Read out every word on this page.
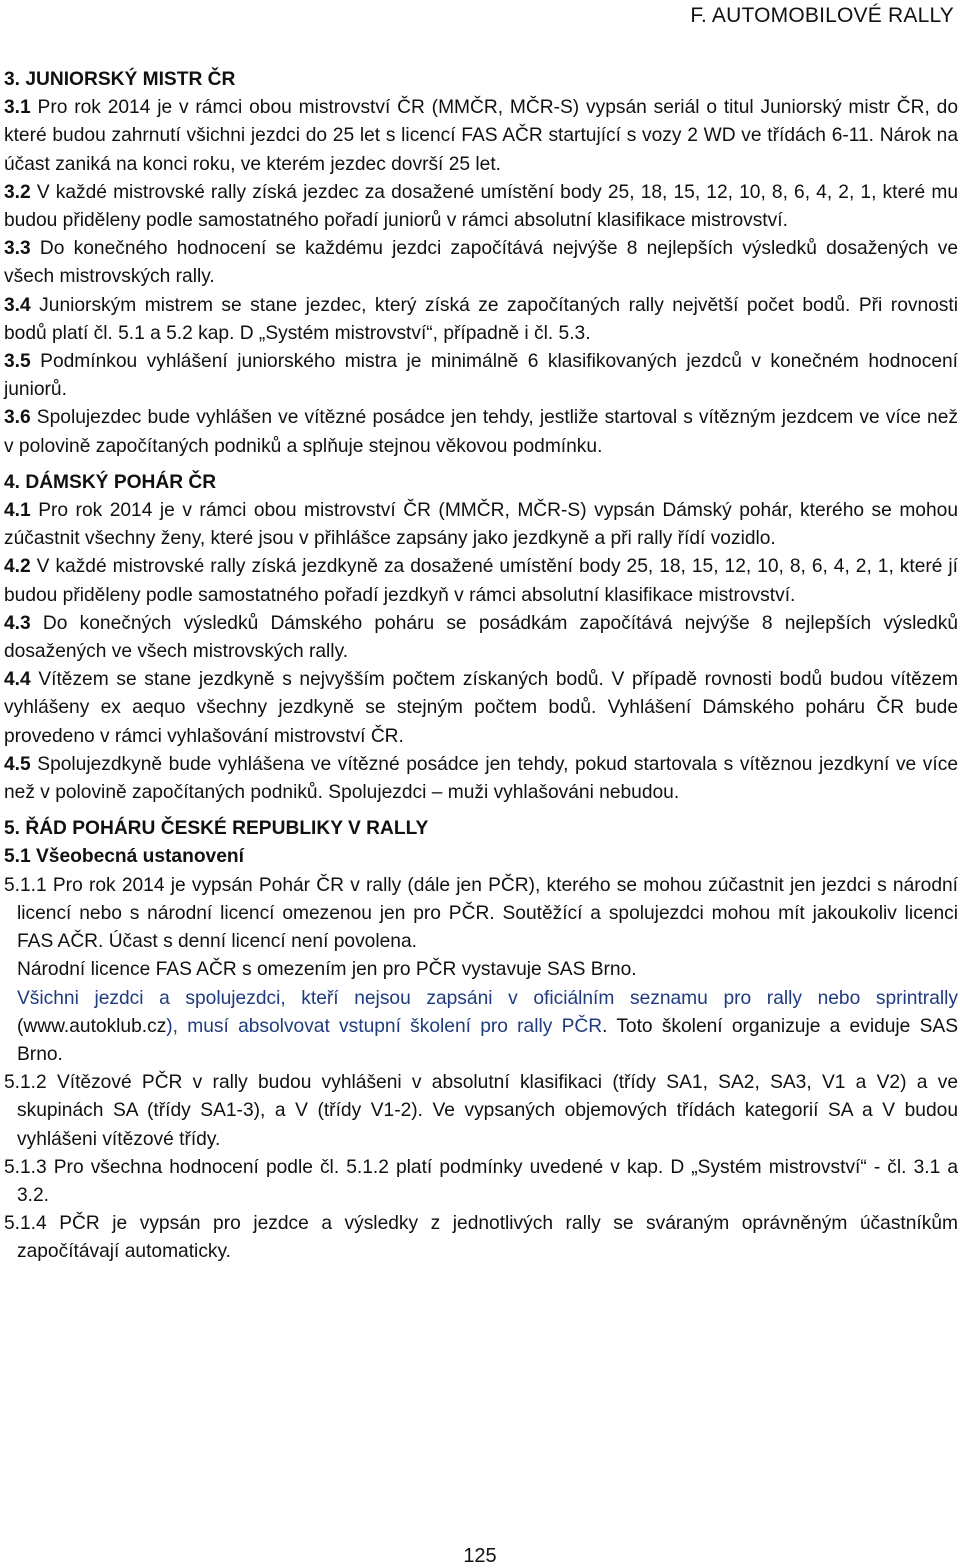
F. AUTOMOBILOVÉ RALLY
3. JUNIORSKÝ MISTR ČR
3.1 Pro rok 2014 je v rámci obou mistrovství ČR (MMČR, MČR-S) vypsán seriál o titul Juniorský mistr ČR, do které budou zahrnutí všichni jezdci do 25 let s licencí FAS AČR startující s vozy 2 WD ve třídách 6-11. Nárok na účast zaniká na konci roku, ve kterém jezdec dovrší 25 let.
3.2 V každé mistrovské rally získá jezdec za dosažené umístění body 25, 18, 15, 12, 10, 8, 6, 4, 2, 1, které mu budou přiděleny podle samostatného pořadí juniorů v rámci absolutní klasifikace mistrovství.
3.3 Do konečného hodnocení se každému jezdci započítává nejvýše 8 nejlepších výsledků dosažených ve všech mistrovských rally.
3.4 Juniorským mistrem se stane jezdec, který získá ze započítaných rally největší počet bodů. Při rovnosti bodů platí čl. 5.1 a 5.2 kap. D „Systém mistrovství“, případně i čl. 5.3.
3.5 Podmínkou vyhlášení juniorského mistra je minimálně 6 klasifikovaných jezdců v konečném hodnocení juniorů.
3.6 Spolujezdec bude vyhlášen ve vítězné posádce jen tehdy, jestliže startoval s vítězným jezdcem ve více než v polovině započítaných podniků a splňuje stejnou věkovou podmínku.
4. DÁMSKÝ POHÁR ČR
4.1 Pro rok 2014 je v rámci obou mistrovství ČR (MMČR, MČR-S) vypsán Dámský pohár, kterého se mohou zúčastnit všechny ženy, které jsou v přihlášce zapsány jako jezdkyně a při rally řídí vozidlo.
4.2 V každé mistrovské rally získá jezdkyně za dosažené umístění body 25, 18, 15, 12, 10, 8, 6, 4, 2, 1, které jí budou přiděleny podle samostatného pořadí jezdkyň v rámci absolutní klasifikace mistrovství.
4.3 Do konečných výsledků Dámského poháru se posádkám započítává nejvýše 8 nejlepších výsledků dosažených ve všech mistrovských rally.
4.4 Vítězem se stane jezdkyně s nejvyšším počtem získaných bodů. V případě rovnosti bodů budou vítězem vyhlášeny ex aequo všechny jezdkyně se stejným počtem bodů. Vyhlášení Dámského poháru ČR bude provedeno v rámci vyhlašování mistrovství ČR.
4.5 Spolujezdkyně bude vyhlášena ve vítězné posádce jen tehdy, pokud startovala s vítěznou jezdkyní ve více než v polovině započítaných podniků. Spolujezdci – muži vyhlašováni nebudou.
5. ŘÁD POHÁRU ČESKÉ REPUBLIKY V RALLY
5.1 Všeobecná ustanovení
5.1.1 Pro rok 2014 je vypsán Pohár ČR v rally (dále jen PČR), kterého se mohou zúčastnit jen jezdci s národní licencí nebo s národní licencí omezenou jen pro PČR. Soutěžící a spolujezdci mohou mít jakoukoliv licenci FAS AČR. Účast s denní licencí není povolena.
Národní licence FAS AČR s omezením jen pro PČR vystavuje SAS Brno.
Všichni jezdci a spolujezdci, kteří nejsou zapsáni v oficiálním seznamu pro rally nebo sprintrally (www.autoklub.cz), musí absolvovat vstupní školení pro rally PČR. Toto školení organizuje a eviduje SAS Brno.
5.1.2 Vítězové PČR v rally budou vyhlášeni v absolutní klasifikaci (třídy SA1, SA2, SA3, V1 a V2) a ve skupinách SA (třídy SA1-3), a V (třídy V1-2). Ve vypsaných objemových třídách kategorií SA a V budou vyhlášeni vítězové třídy.
5.1.3 Pro všechna hodnocení podle čl. 5.1.2 platí podmínky uvedené v kap. D „Systém mistrovství“ - čl. 3.1 a 3.2.
5.1.4 PČR je vypsán pro jezdce a výsledky z jednotlivých rally se sváraným oprávněným účastníkům započítávají automaticky.
125
